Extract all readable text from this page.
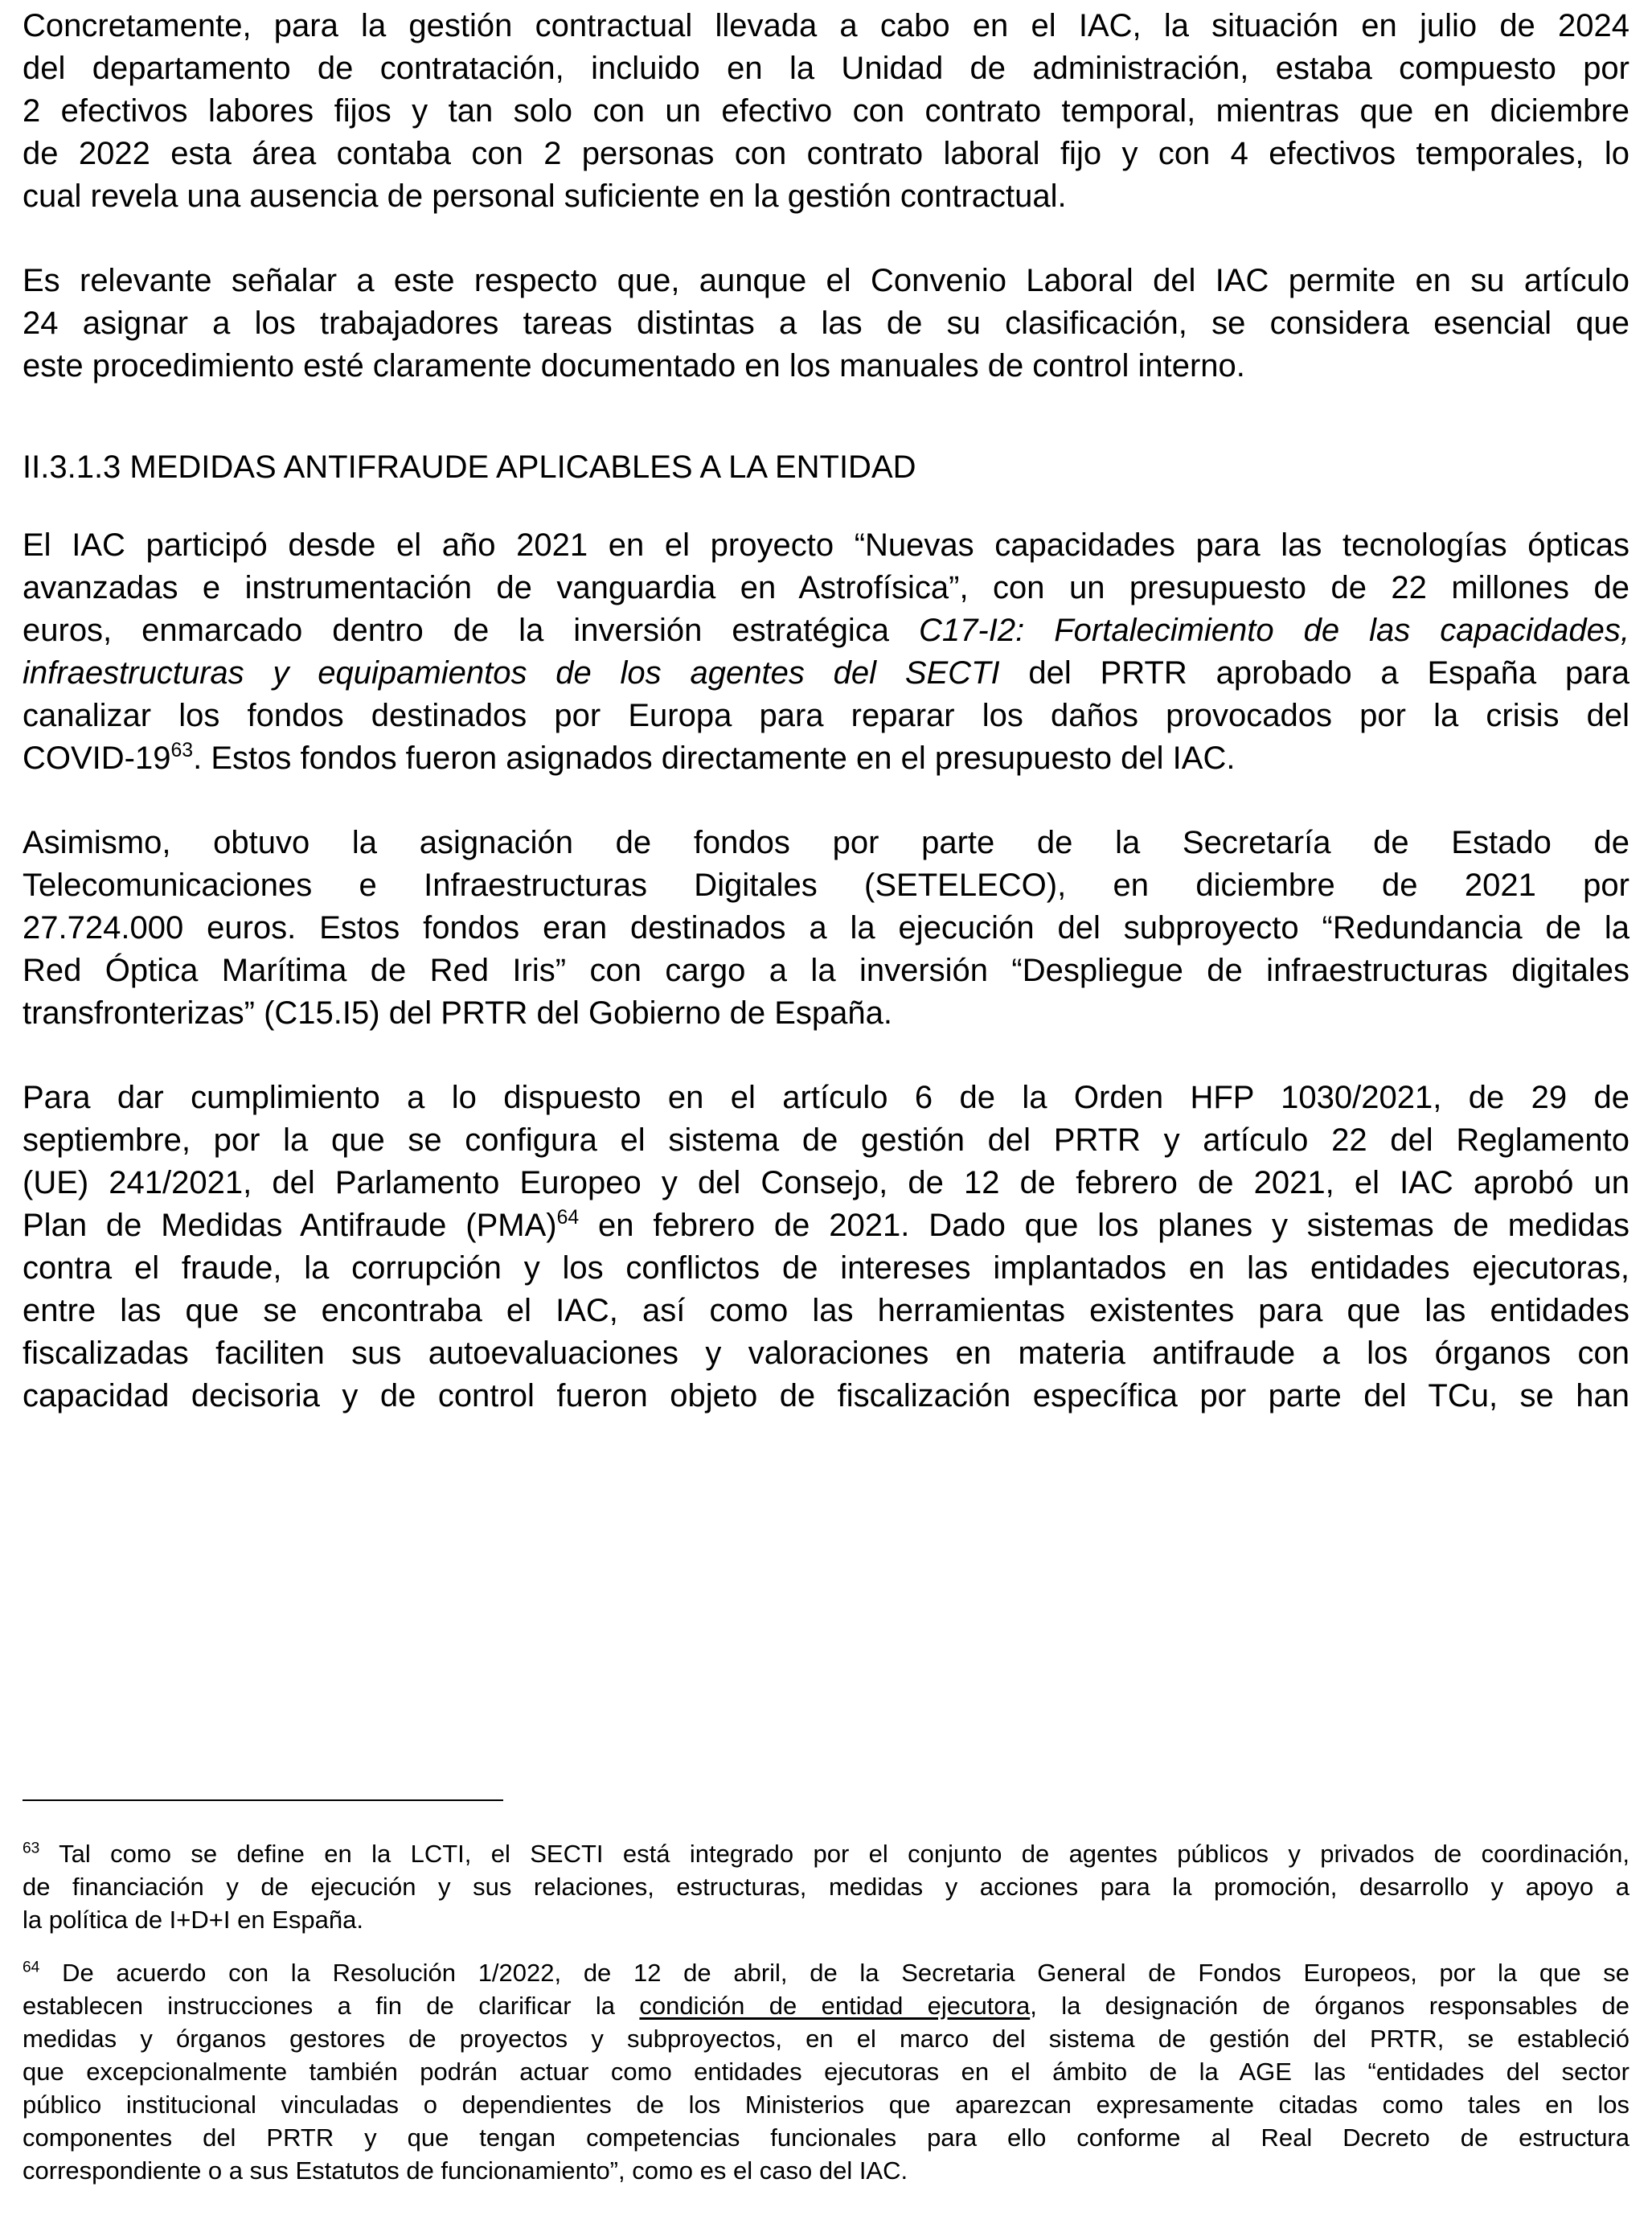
Concretamente, para la gestión contractual llevada a cabo en el IAC, la situación en julio de 2024
del departamento de contratación, incluido en la Unidad de administración, estaba compuesto por
2 efectivos labores fijos y tan solo con un efectivo con contrato temporal, mientras que en diciembre
de 2022 esta área contaba con 2 personas con contrato laboral fijo y con 4 efectivos temporales, lo
cual revela una ausencia de personal suficiente en la gestión contractual.
Es relevante señalar a este respecto que, aunque el Convenio Laboral del IAC permite en su artículo
24 asignar a los trabajadores tareas distintas a las de su clasificación, se considera esencial que
este procedimiento esté claramente documentado en los manuales de control interno.
II.3.1.3 MEDIDAS ANTIFRAUDE APLICABLES A LA ENTIDAD
El IAC participó desde el año 2021 en el proyecto “Nuevas capacidades para las tecnologías ópticas
avanzadas e instrumentación de vanguardia en Astrofísica”, con un presupuesto de 22 millones de
euros, enmarcado dentro de la inversión estratégica C17-I2: Fortalecimiento de las capacidades,
infraestructuras y equipamientos de los agentes del SECTI del PRTR aprobado a España para
canalizar los fondos destinados por Europa para reparar los daños provocados por la crisis del
COVID-$19^{63}$. Estos fondos fueron asignados directamente en el presupuesto del IAC.
Asimismo, obtuvo la asignación de fondos por parte de la Secretaría de Estado de
Telecomunicaciones e Infraestructuras Digitales (SETELECO), en diciembre de 2021 por
27.724.000 euros. Estos fondos eran destinados a la ejecución del subproyecto “Redundancia de la
Red Óptica Marítima de Red Iris” con cargo a la inversión “Despliegue de infraestructuras digitales
transfronterizas” (C15.I5) del PRTR del Gobierno de España.
Para dar cumplimiento a lo dispuesto en el artículo 6 de la Orden HFP 1030/2021, de 29 de
septiembre, por la que se configura el sistema de gestión del PRTR y artículo 22 del Reglamento
(UE) 241/2021, del Parlamento Europeo y del Consejo, de 12 de febrero de 2021, el IAC aprobó un
Plan de Medidas Antifraude (PMA)$^{64}$ en febrero de 2021. Dado que los planes y sistemas de medidas
contra el fraude, la corrupción y los conflictos de intereses implantados en las entidades ejecutoras,
entre las que se encontraba el IAC, así como las herramientas existentes para que las entidades
fiscalizadas faciliten sus autoevaluaciones y valoraciones en materia antifraude a los órganos con
capacidad decisoria y de control fueron objeto de fiscalización específica por parte del TCu, se han
$^{63}$ Tal como se define en la LCTI, el SECTI está integrado por el conjunto de agentes públicos y privados de coordinación,
de financiación y de ejecución y sus relaciones, estructuras, medidas y acciones para la promoción, desarrollo y apoyo a
la política de I+D+I en España.
$^{64}$ De acuerdo con la Resolución 1/2022, de 12 de abril, de la Secretaria General de Fondos Europeos, por la que se
establecen instrucciones a fin de clarificar la condición de entidad ejecutora, la designación de órganos responsables de
medidas y órganos gestores de proyectos y subproyectos, en el marco del sistema de gestión del PRTR, se estableció
que excepcionalmente también podrán actuar como entidades ejecutoras en el ámbito de la AGE las “entidades del sector
público institucional vinculadas o dependientes de los Ministerios que aparezcan expresamente citadas como tales en los
componentes del PRTR y que tengan competencias funcionales para ello conforme al Real Decreto de estructura
correspondiente o a sus Estatutos de funcionamiento”, como es el caso del IAC.
